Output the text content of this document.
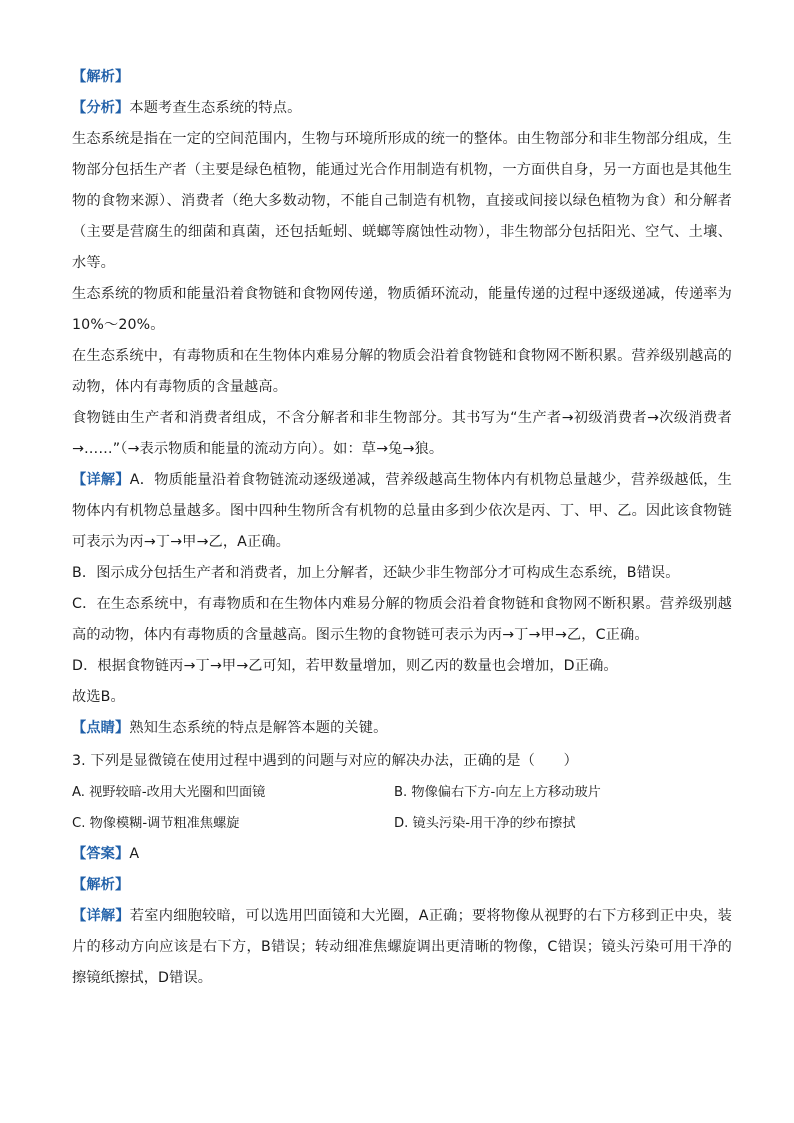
【解析】

【分析】本题考查生态系统的特点。

生态系统是指在一定的空间范围内，生物与环境所形成的统一的整体。由生物部分和非生物部分组成，生物部分包括生产者（主要是绿色植物，能通过光合作用制造有机物，一方面供自身，另一方面也是其他生物的食物来源）、消费者（绝大多数动物，不能自己制造有机物，直接或间接以绿色植物为食）和分解者（主要是营腐生的细菌和真菌，还包括蚯蚓、蜣螂等腐蚀性动物），非生物部分包括阳光、空气、土壤、水等。

生态系统的物质和能量沿着食物链和食物网传递，物质循环流动，能量传递的过程中逐级递减，传递率为10%～20%。

在生态系统中，有毒物质和在生物体内难易分解的物质会沿着食物链和食物网不断积累。营养级别越高的动物，体内有毒物质的含量越高。

食物链由生产者和消费者组成，不含分解者和非生物部分。其书写为“生产者→初级消费者→次级消费者→……”（→表示物质和能量的流动方向）。如：草→兔→狼。

【详解】A．物质能量沿着食物链流动逐级递减，营养级越高生物体内有机物总量越少，营养级越低，生物体内有机物总量越多。图中四种生物所含有机物的总量由多到少依次是丙、丁、甲、乙。因此该食物链可表示为丙→丁→甲→乙，A正确。

B．图示成分包括生产者和消费者，加上分解者，还缺少非生物部分才可构成生态系统，B错误。

C．在生态系统中，有毒物质和在生物体内难易分解的物质会沿着食物链和食物网不断积累。营养级别越高的动物，体内有毒物质的含量越高。图示生物的食物链可表示为丙→丁→甲→乙，C正确。

D．根据食物链丙→丁→甲→乙可知，若甲数量增加，则乙丙的数量也会增加，D正确。

故选B。

【点睛】熟知生态系统的特点是解答本题的关键。

3. 下列是显微镜在使用过程中遇到的问题与对应的解决办法，正确的是（　　）

A. 视野较暗-改用大光圈和凹面镜	B. 物像偏右下方-向左上方移动玻片
C. 物像模糊-调节粗准焦螺旋	D. 镜头污染-用干净的纱布擦拭

【答案】A

【解析】

【详解】若室内细胞较暗，可以选用凹面镜和大光圈，A正确；要将物像从视野的右下方移到正中央，装片的移动方向应该是右下方，B错误；转动细准焦螺旋调出更清晰的物像，C错误；镜头污染可用干净的擦镜纸擦拭，D错误。
